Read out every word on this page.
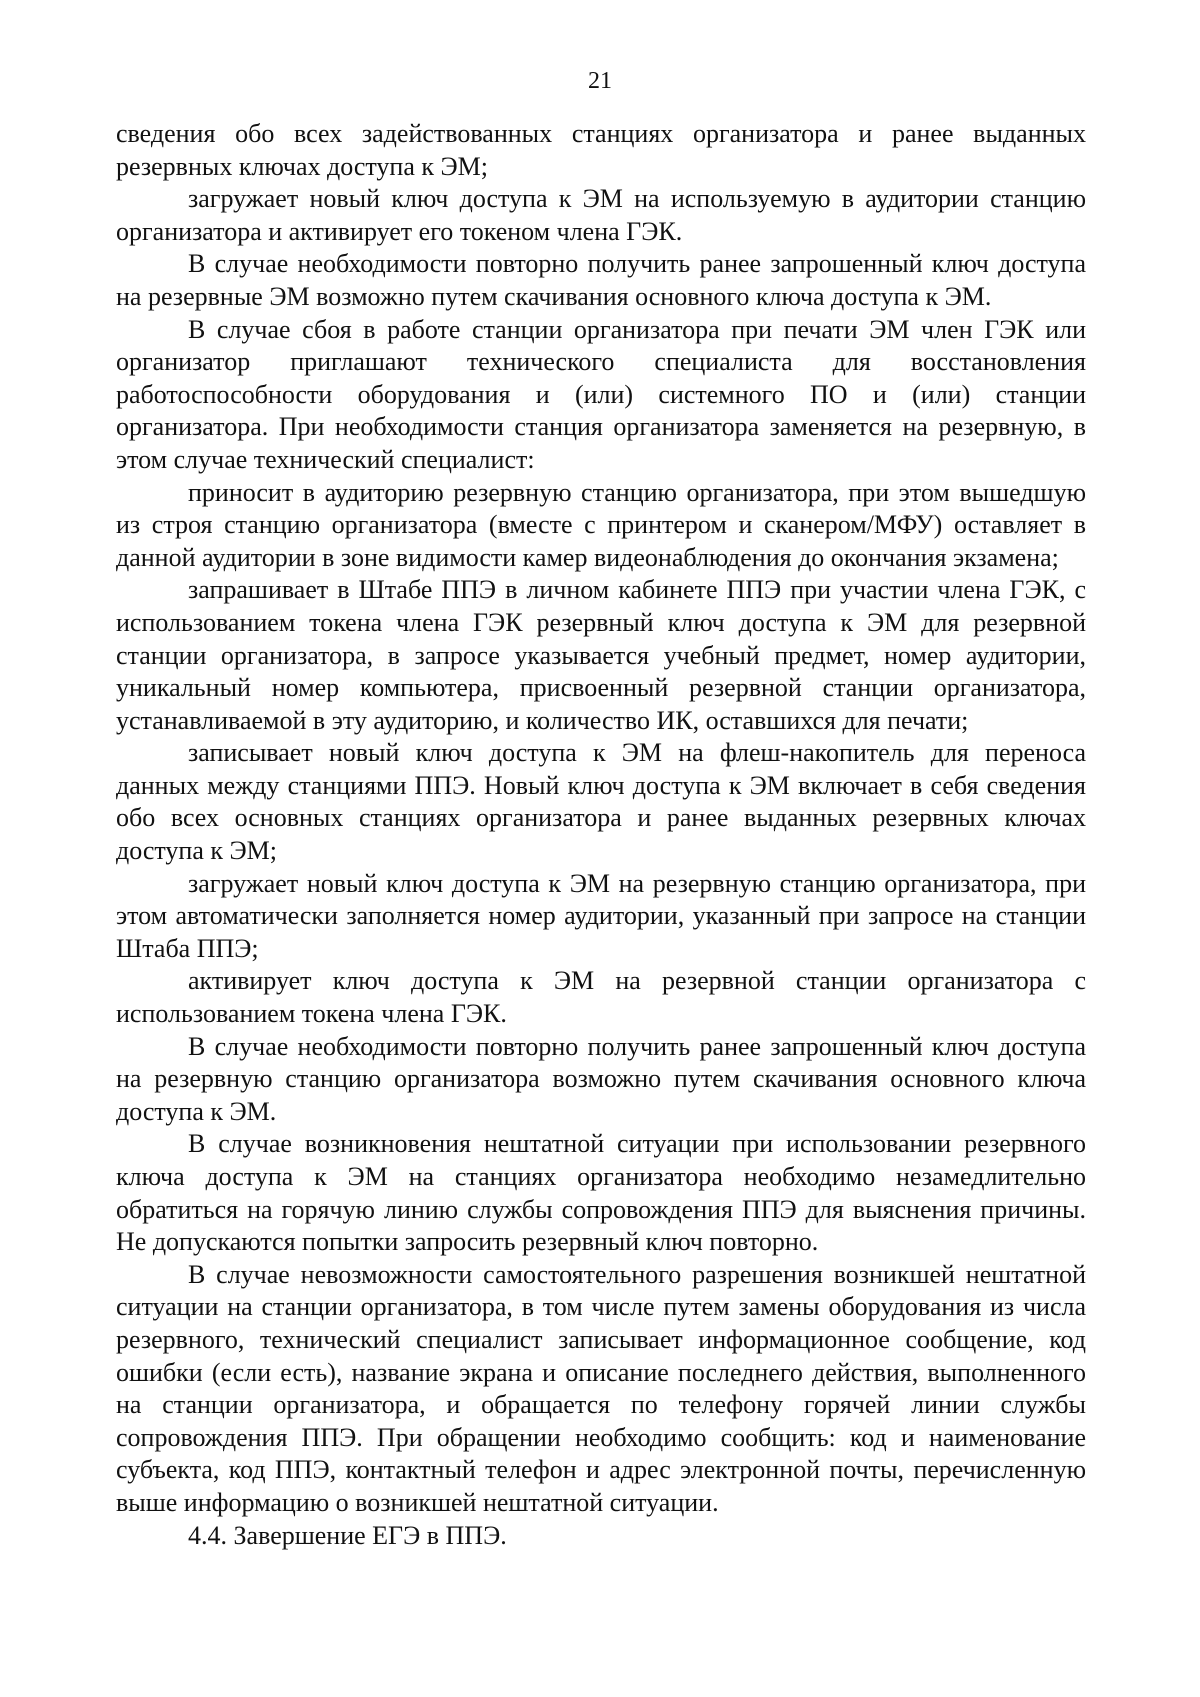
21

сведения обо всех задействованных станциях организатора и ранее выданных резервных ключах доступа к ЭМ;

загружает новый ключ доступа к ЭМ на используемую в аудитории станцию организатора и активирует его токеном члена ГЭК.

В случае необходимости повторно получить ранее запрошенный ключ доступа на резервные ЭМ возможно путем скачивания основного ключа доступа к ЭМ.

В случае сбоя в работе станции организатора при печати ЭМ член ГЭК или организатор приглашают технического специалиста для восстановления работоспособности оборудования и (или) системного ПО и (или) станции организатора. При необходимости станция организатора заменяется на резервную, в этом случае технический специалист:

приносит в аудиторию резервную станцию организатора, при этом вышедшую из строя станцию организатора (вместе с принтером и сканером/МФУ) оставляет в данной аудитории в зоне видимости камер видеонаблюдения до окончания экзамена;

запрашивает в Штабе ППЭ в личном кабинете ППЭ при участии члена ГЭК, с использованием токена члена ГЭК резервный ключ доступа к ЭМ для резервной станции организатора, в запросе указывается учебный предмет, номер аудитории, уникальный номер компьютера, присвоенный резервной станции организатора, устанавливаемой в эту аудиторию, и количество ИК, оставшихся для печати;

записывает новый ключ доступа к ЭМ на флеш-накопитель для переноса данных между станциями ППЭ. Новый ключ доступа к ЭМ включает в себя сведения обо всех основных станциях организатора и ранее выданных резервных ключах доступа к ЭМ;

загружает новый ключ доступа к ЭМ на резервную станцию организатора, при этом автоматически заполняется номер аудитории, указанный при запросе на станции Штаба ППЭ;

активирует ключ доступа к ЭМ на резервной станции организатора с использованием токена члена ГЭК.

В случае необходимости повторно получить ранее запрошенный ключ доступа на резервную станцию организатора возможно путем скачивания основного ключа доступа к ЭМ.

В случае возникновения нештатной ситуации при использовании резервного ключа доступа к ЭМ на станциях организатора необходимо незамедлительно обратиться на горячую линию службы сопровождения ППЭ для выяснения причины. Не допускаются попытки запросить резервный ключ повторно.

В случае невозможности самостоятельного разрешения возникшей нештатной ситуации на станции организатора, в том числе путем замены оборудования из числа резервного, технический специалист записывает информационное сообщение, код ошибки (если есть), название экрана и описание последнего действия, выполненного на станции организатора, и обращается по телефону горячей линии службы сопровождения ППЭ. При обращении необходимо сообщить: код и наименование субъекта, код ППЭ, контактный телефон и адрес электронной почты, перечисленную выше информацию о возникшей нештатной ситуации.

4.4. Завершение ЕГЭ в ППЭ.
